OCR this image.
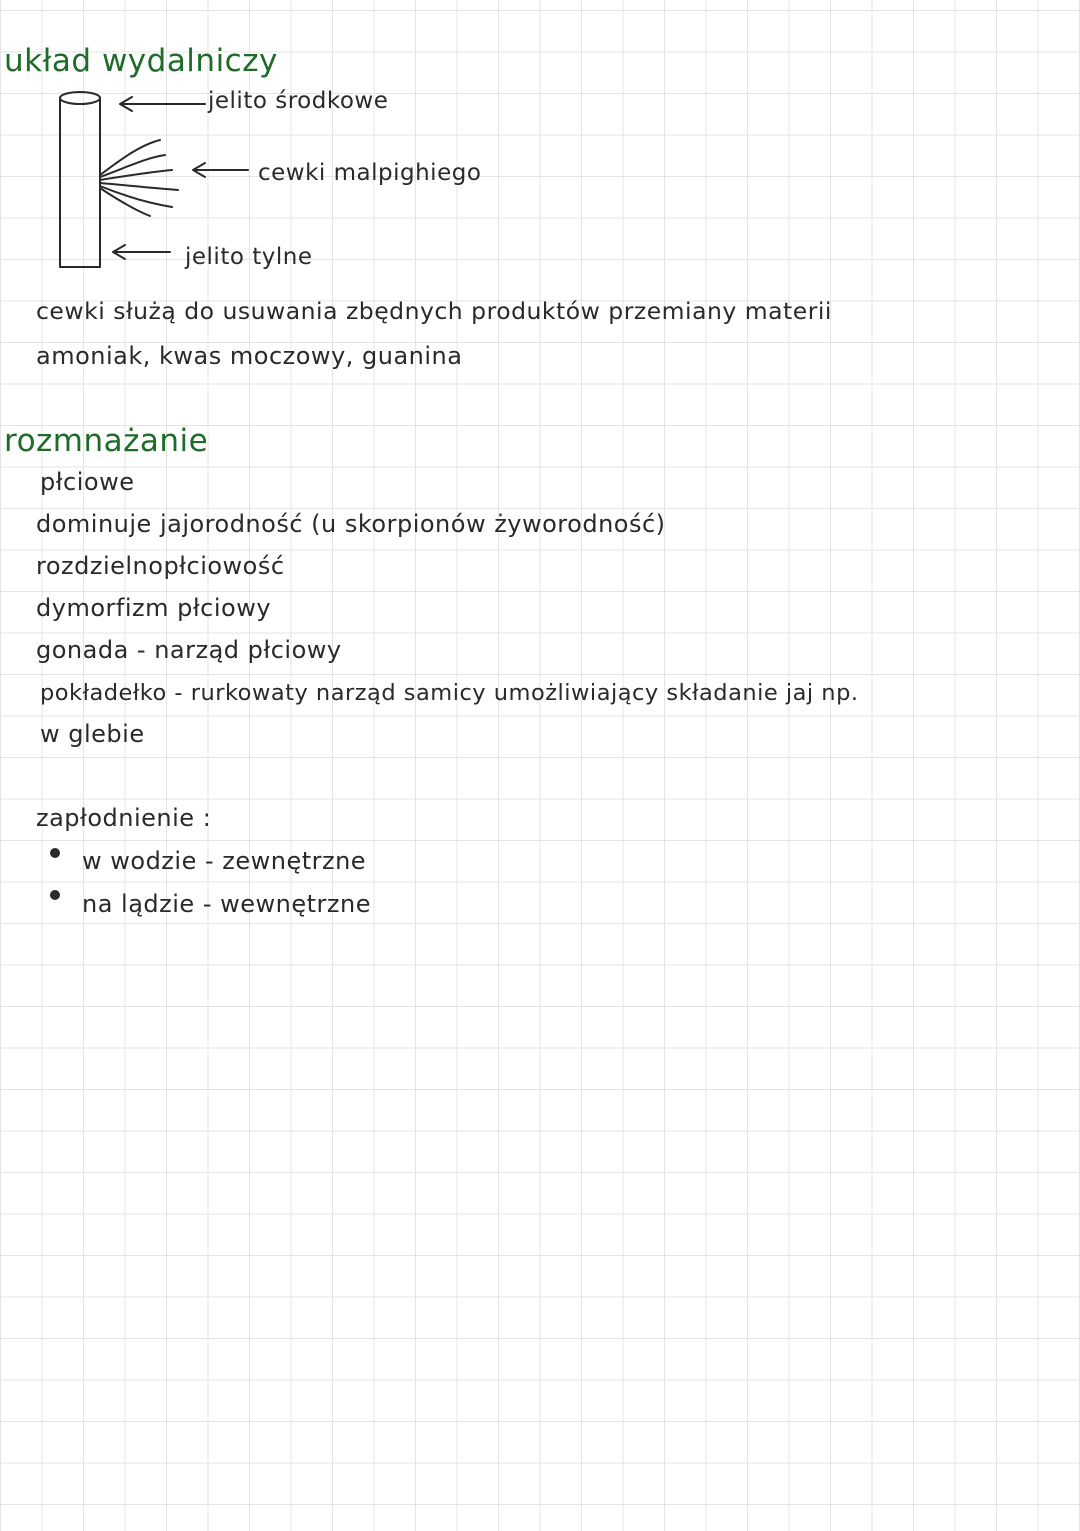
układ wydalniczy
jelito środkowe
cewki malpighiego
jelito tylne
cewki służą do usuwania zbędnych produktów przemiany materii
amoniak, kwas moczowy, guanina
rozmnażanie
płciowe
dominuje jajorodność (u skorpionów żyworodność)
rozdzielnopłciowość
dymorfizm płciowy
gonada - narząd płciowy
pokładełko - rurkowaty narząd samicy umożliwiający składanie jaj np.
w glebie
zapłodnienie :
w wodzie - zewnętrzne
na lądzie - wewnętrzne
